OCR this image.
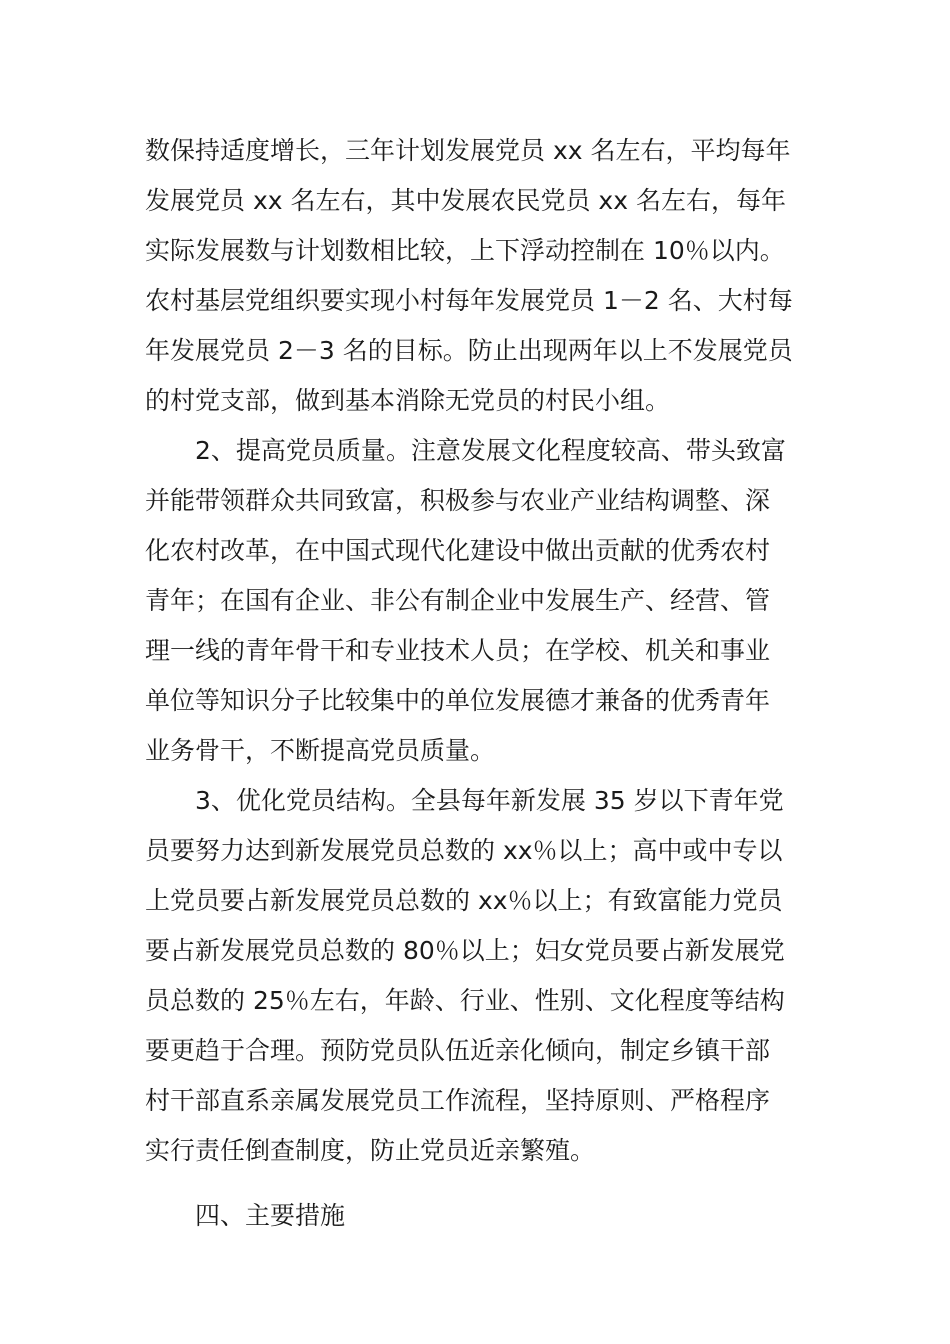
数保持适度增长，三年计划发展党员 xx 名左右，平均每年
发展党员 xx 名左右，其中发展农民党员 xx 名左右，每年
实际发展数与计划数相比较，上下浮动控制在 10％以内。
农村基层党组织要实现小村每年发展党员 1－2 名、大村每
年发展党员 2－3 名的目标。防止出现两年以上不发展党员
的村党支部，做到基本消除无党员的村民小组。
2、提高党员质量。注意发展文化程度较高、带头致富
并能带领群众共同致富，积极参与农业产业结构调整、深
化农村改革，在中国式现代化建设中做出贡献的优秀农村
青年；在国有企业、非公有制企业中发展生产、经营、管
理一线的青年骨干和专业技术人员；在学校、机关和事业
单位等知识分子比较集中的单位发展德才兼备的优秀青年
业务骨干，不断提高党员质量。
3、优化党员结构。全县每年新发展 35 岁以下青年党
员要努力达到新发展党员总数的 xx％以上；高中或中专以
上党员要占新发展党员总数的 xx％以上；有致富能力党员
要占新发展党员总数的 80％以上；妇女党员要占新发展党
员总数的 25％左右，年龄、行业、性别、文化程度等结构
要更趋于合理。预防党员队伍近亲化倾向，制定乡镇干部
村干部直系亲属发展党员工作流程，坚持原则、严格程序
实行责任倒查制度，防止党员近亲繁殖。
四、主要措施
